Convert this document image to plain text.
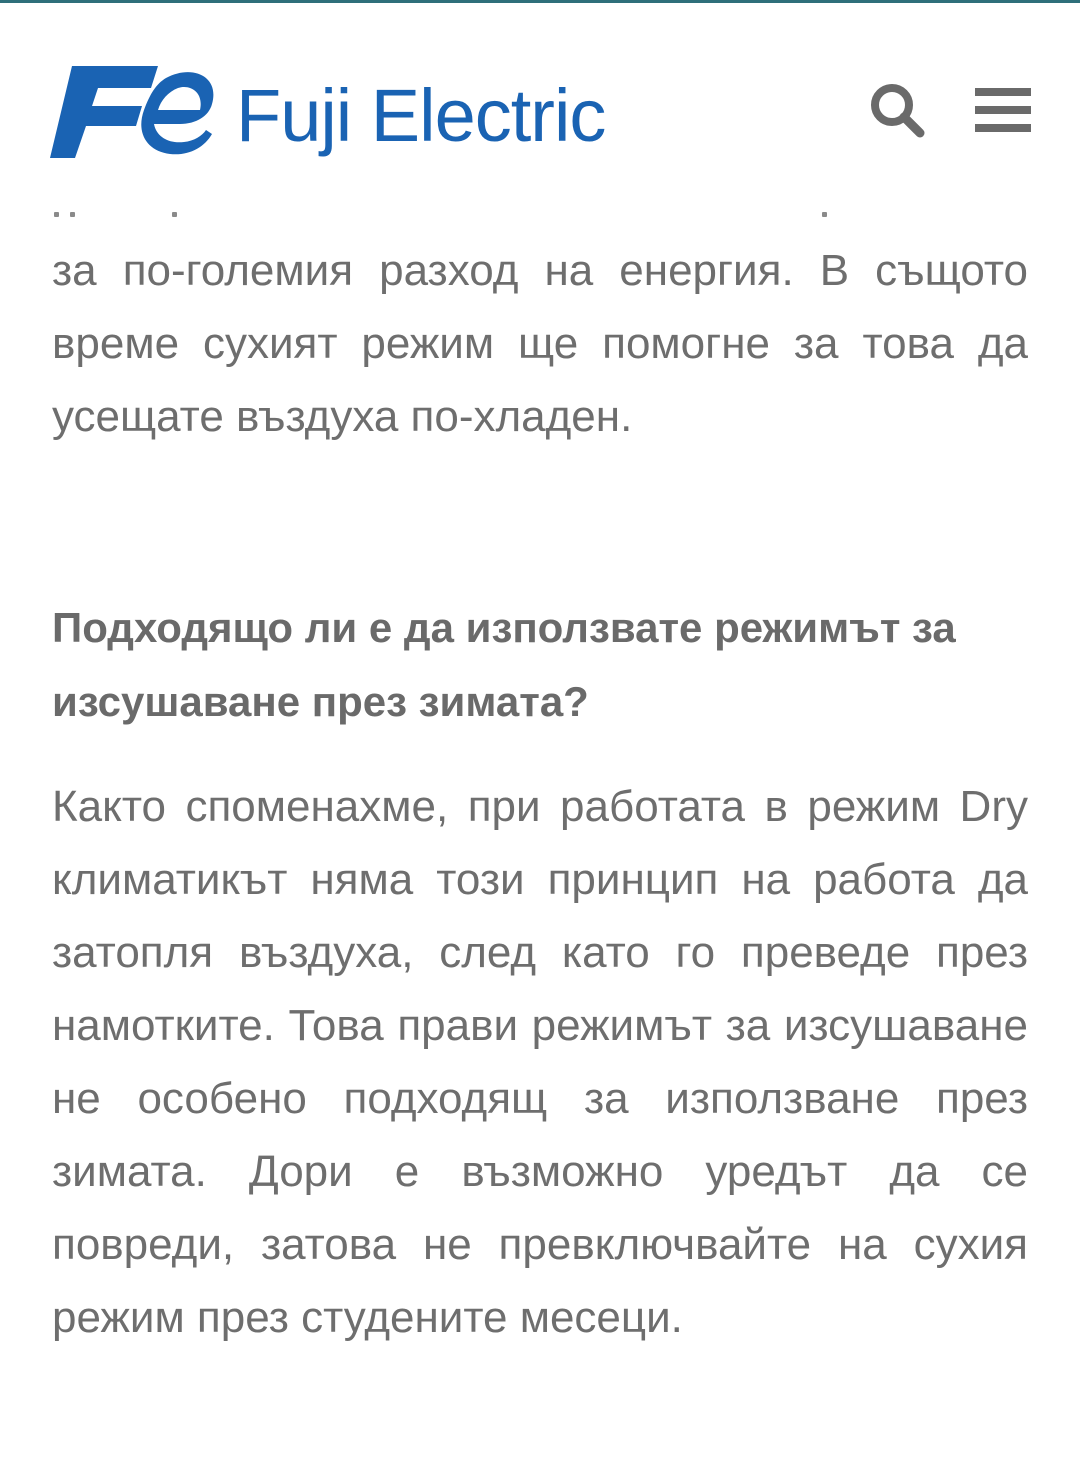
Fuji Electric

за по-големия разход на енергия. В същото време сухият режим ще помогне за това да усещате въздуха по-хладен.

Подходящо ли е да използвате режимът за изсушаване през зимата?

Както споменахме, при работата в режим Dry климатикът няма този принцип на работа да затопля въздуха, след като го преведе през намотките. Това прави режимът за изсушаване не особено подходящ за използване през зимата. Дори е възможно уредът да се повреди, затова не превключвайте на сухия режим през студените месеци.
